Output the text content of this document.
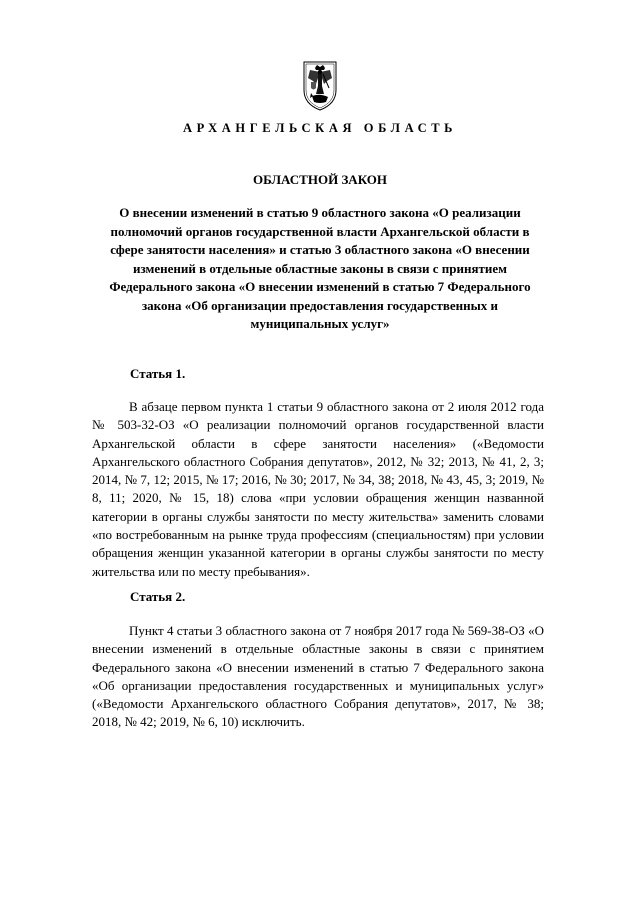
АРХАНГЕЛЬСКАЯ ОБЛАСТЬ
ОБЛАСТНОЙ ЗАКОН
О внесении изменений в статью 9 областного закона «О реализации полномочий органов государственной власти Архангельской области в сфере занятости населения» и статью 3 областного закона «О внесении изменений в отдельные областные законы в связи с принятием Федерального закона «О внесении изменений в статью 7 Федерального закона «Об организации предоставления государственных и муниципальных услуг»
Статья 1.
В абзаце первом пункта 1 статьи 9 областного закона от 2 июля 2012 года № 503-32-ОЗ «О реализации полномочий органов государственной власти Архангельской области в сфере занятости населения» («Ведомости Архангельского областного Собрания депутатов», 2012, № 32; 2013, № 41, 2, 3; 2014, № 7, 12; 2015, № 17; 2016, № 30; 2017, № 34, 38; 2018, № 43, 45, 3; 2019, № 8, 11; 2020, № 15, 18) слова «при условии обращения женщин названной категории в органы службы занятости по месту жительства» заменить словами «по востребованным на рынке труда профессиям (специальностям) при условии обращения женщин указанной категории в органы службы занятости по месту жительства или по месту пребывания».
Статья 2.
Пункт 4 статьи 3 областного закона от 7 ноября 2017 года № 569-38-ОЗ «О внесении изменений в отдельные областные законы в связи с принятием Федерального закона «О внесении изменений в статью 7 Федерального закона «Об организации предоставления государственных и муниципальных услуг» («Ведомости Архангельского областного Собрания депутатов», 2017, № 38; 2018, № 42; 2019, № 6, 10) исключить.
